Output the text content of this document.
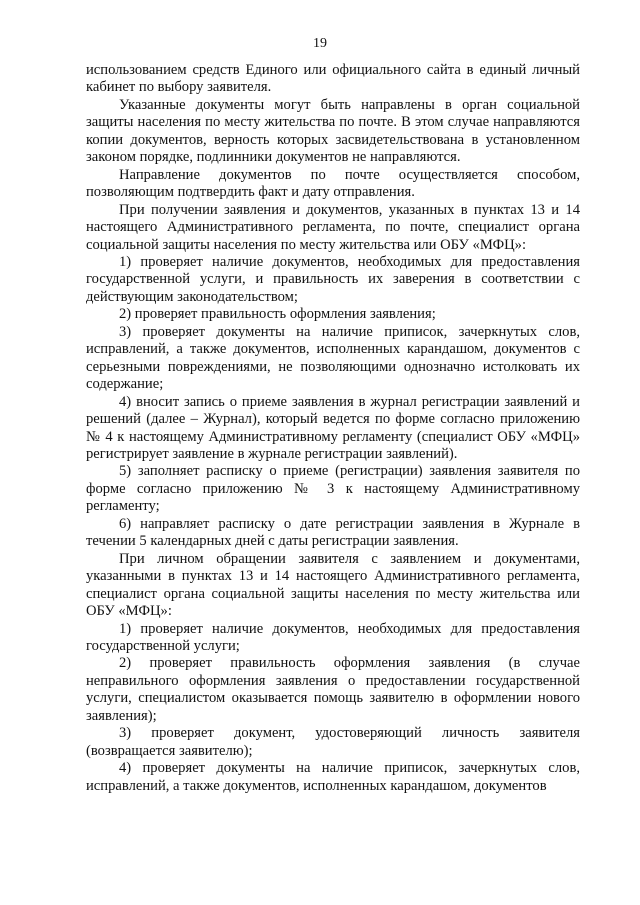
19

использованием средств Единого или официального сайта в единый личный кабинет по выбору заявителя.

Указанные документы могут быть направлены в орган социальной защиты населения по месту жительства по почте. В этом случае направляются копии документов, верность которых засвидетельствована в установленном законом порядке, подлинники документов не направляются.

Направление документов по почте осуществляется способом, позволяющим подтвердить факт и дату отправления.

При получении заявления и документов, указанных в пунктах 13 и 14 настоящего Административного регламента, по почте, специалист органа социальной защиты населения по месту жительства или ОБУ «МФЦ»:

1) проверяет наличие документов, необходимых для предоставления государственной услуги, и правильность их заверения в соответствии с действующим законодательством;

2) проверяет правильность оформления заявления;

3) проверяет документы на наличие приписок, зачеркнутых слов, исправлений, а также документов, исполненных карандашом, документов с серьезными повреждениями, не позволяющими однозначно истолковать их содержание;

4) вносит запись о приеме заявления в журнал регистрации заявлений и решений (далее – Журнал), который ведется по форме согласно приложению № 4 к настоящему Административному регламенту (специалист ОБУ «МФЦ» регистрирует заявление в журнале регистрации заявлений).

5) заполняет расписку о приеме (регистрации) заявления заявителя по форме согласно приложению № 3 к настоящему Административному регламенту;

6) направляет расписку о дате регистрации заявления в Журнале в течении 5 календарных дней с даты регистрации заявления.

При личном обращении заявителя с заявлением и документами, указанными в пунктах 13 и 14 настоящего Административного регламента, специалист органа социальной защиты населения по месту жительства или ОБУ «МФЦ»:

1) проверяет наличие документов, необходимых для предоставления государственной услуги;

2) проверяет правильность оформления заявления (в случае неправильного оформления заявления о предоставлении государственной услуги, специалистом оказывается помощь заявителю в оформлении нового заявления);

3) проверяет документ, удостоверяющий личность заявителя (возвращается заявителю);

4) проверяет документы на наличие приписок, зачеркнутых слов, исправлений, а также документов, исполненных карандашом, документов
